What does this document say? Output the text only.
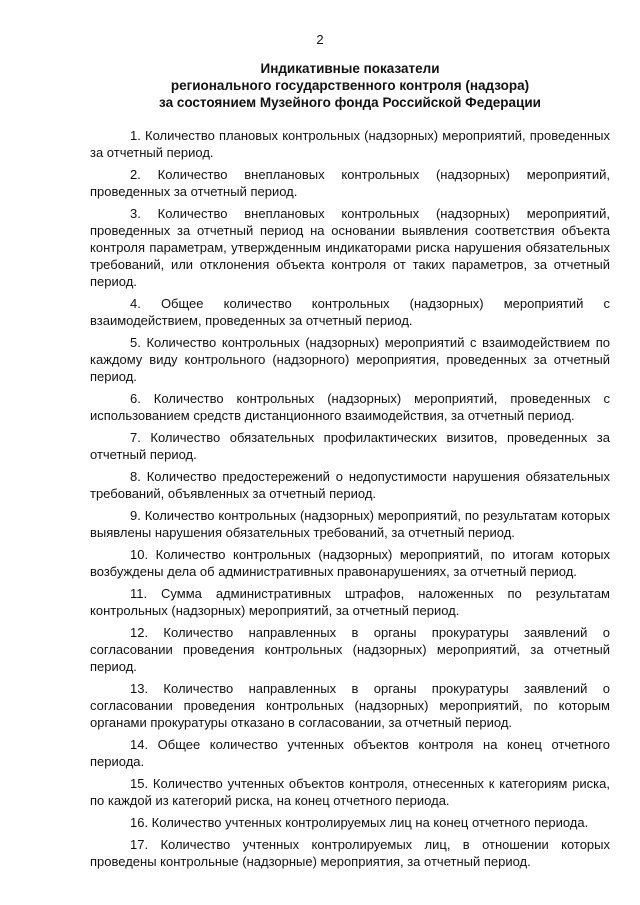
2
Индикативные показатели
регионального государственного контроля (надзора)
за состоянием Музейного фонда Российской Федерации
1. Количество плановых контрольных (надзорных) мероприятий, проведенных за отчетный период.
2. Количество внеплановых контрольных (надзорных) мероприятий, проведенных за отчетный период.
3. Количество внеплановых контрольных (надзорных) мероприятий, проведенных за отчетный период на основании выявления соответствия объекта контроля параметрам, утвержденным индикаторами риска нарушения обязательных требований, или отклонения объекта контроля от таких параметров, за отчетный период.
4. Общее количество контрольных (надзорных) мероприятий с взаимодействием, проведенных за отчетный период.
5. Количество контрольных (надзорных) мероприятий с взаимодействием по каждому виду контрольного (надзорного) мероприятия, проведенных за отчетный период.
6. Количество контрольных (надзорных) мероприятий, проведенных с использованием средств дистанционного взаимодействия, за отчетный период.
7. Количество обязательных профилактических визитов, проведенных за отчетный период.
8. Количество предостережений о недопустимости нарушения обязательных требований, объявленных за отчетный период.
9. Количество контрольных (надзорных) мероприятий, по результатам которых выявлены нарушения обязательных требований, за отчетный период.
10. Количество контрольных (надзорных) мероприятий, по итогам которых возбуждены дела об административных правонарушениях, за отчетный период.
11. Сумма административных штрафов, наложенных по результатам контрольных (надзорных) мероприятий, за отчетный период.
12. Количество направленных в органы прокуратуры заявлений о согласовании проведения контрольных (надзорных) мероприятий, за отчетный период.
13. Количество направленных в органы прокуратуры заявлений о согласовании проведения контрольных (надзорных) мероприятий, по которым органами прокуратуры отказано в согласовании, за отчетный период.
14. Общее количество учтенных объектов контроля на конец отчетного периода.
15. Количество учтенных объектов контроля, отнесенных к категориям риска, по каждой из категорий риска, на конец отчетного периода.
16. Количество учтенных контролируемых лиц на конец отчетного периода.
17. Количество учтенных контролируемых лиц, в отношении которых проведены контрольные (надзорные) мероприятия, за отчетный период.
